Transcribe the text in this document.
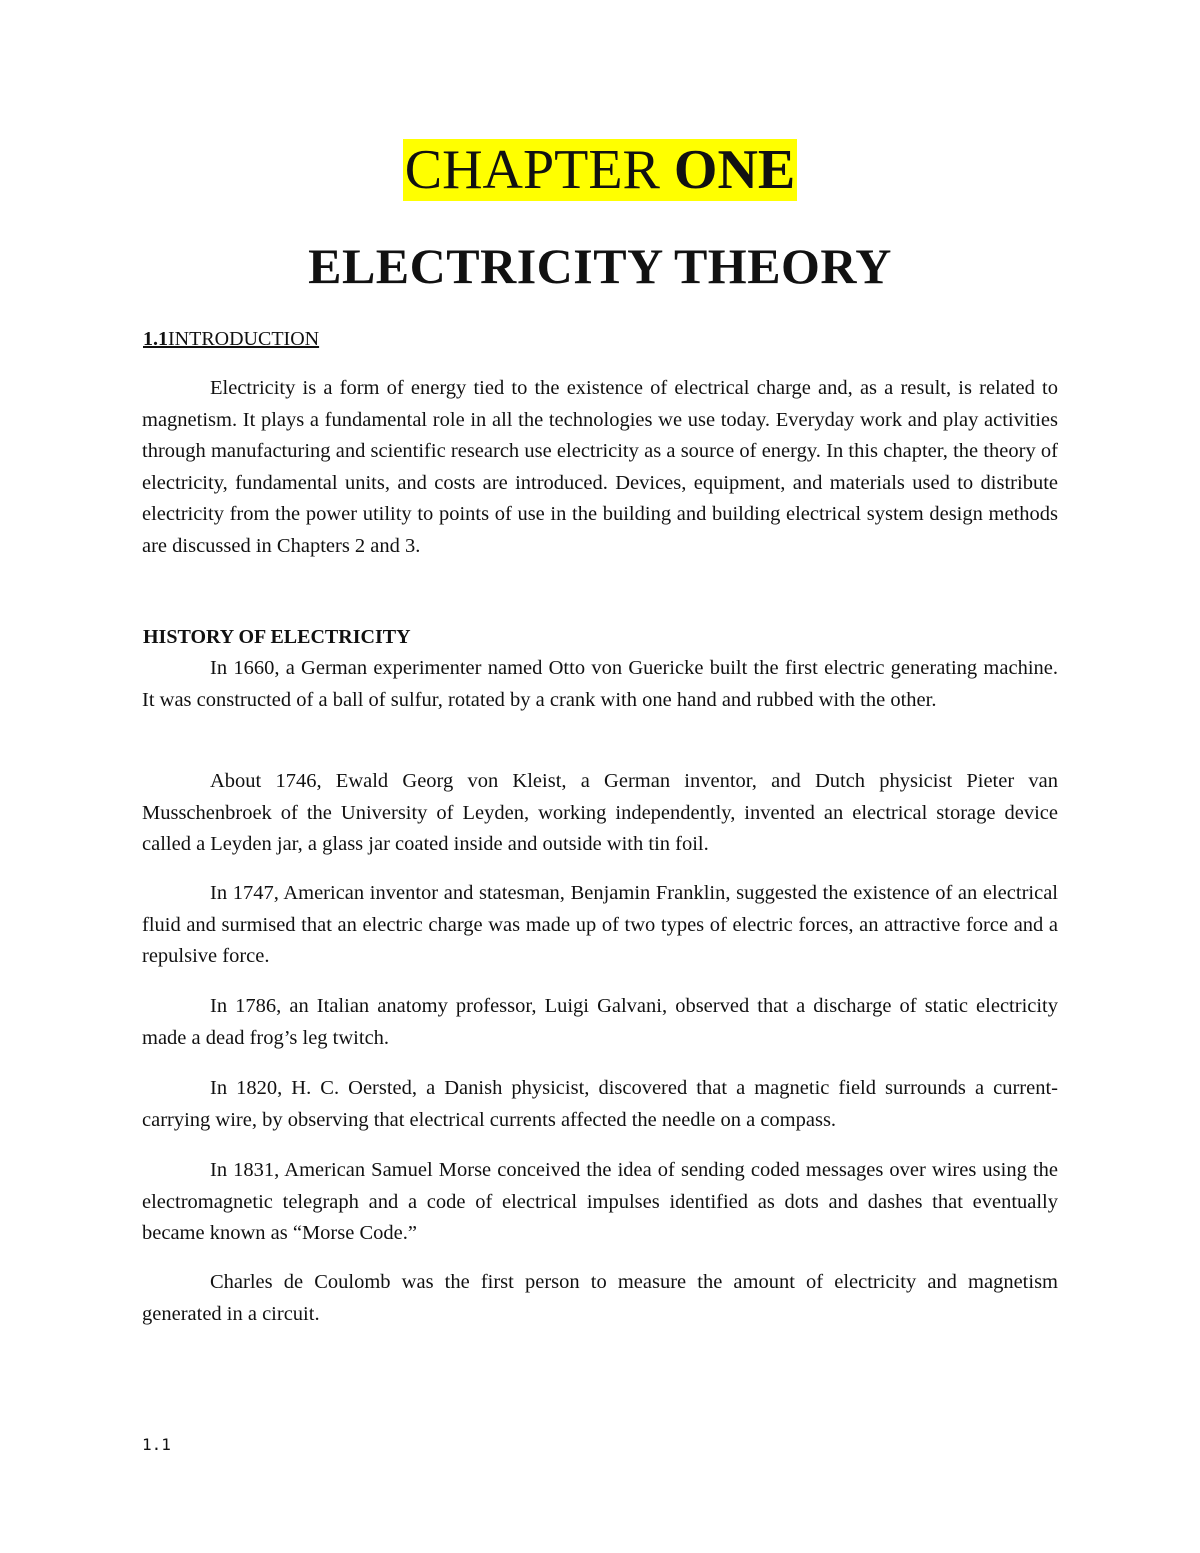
CHAPTER ONE
ELECTRICITY THEORY
1.1INTRODUCTION

Electricity is a form of energy tied to the existence of electrical charge and, as a result, is related to magnetism. It plays a fundamental role in all the technologies we use today. Everyday work and play activities through manufacturing and scientific research use electricity as a source of energy. In this chapter, the theory of electricity, fundamental units, and costs are introduced. Devices, equipment, and materials used to distribute electricity from the power utility to points of use in the building and building electrical system design methods are discussed in Chapters 2 and 3.

HISTORY OF ELECTRICITY

In 1660, a German experimenter named Otto von Guericke built the first electric generating machine. It was constructed of a ball of sulfur, rotated by a crank with one hand and rubbed with the other.

About 1746, Ewald Georg von Kleist, a German inventor, and Dutch physicist Pieter van Musschenbroek of the University of Leyden, working independently, invented an electrical storage device called a Leyden jar, a glass jar coated inside and outside with tin foil.

In 1747, American inventor and statesman, Benjamin Franklin, suggested the existence of an electrical fluid and surmised that an electric charge was made up of two types of electric forces, an attractive force and a repulsive force.

In 1786, an Italian anatomy professor, Luigi Galvani, observed that a discharge of static electricity made a dead frog’s leg twitch.

In 1820, H. C. Oersted, a Danish physicist, discovered that a magnetic field surrounds a current-carrying wire, by observing that electrical currents affected the needle on a compass.

In 1831, American Samuel Morse conceived the idea of sending coded messages over wires using the electromagnetic telegraph and a code of electrical impulses identified as dots and dashes that eventually became known as “Morse Code.”

Charles de Coulomb was the first person to measure the amount of electricity and magnetism generated in a circuit.

1.1
